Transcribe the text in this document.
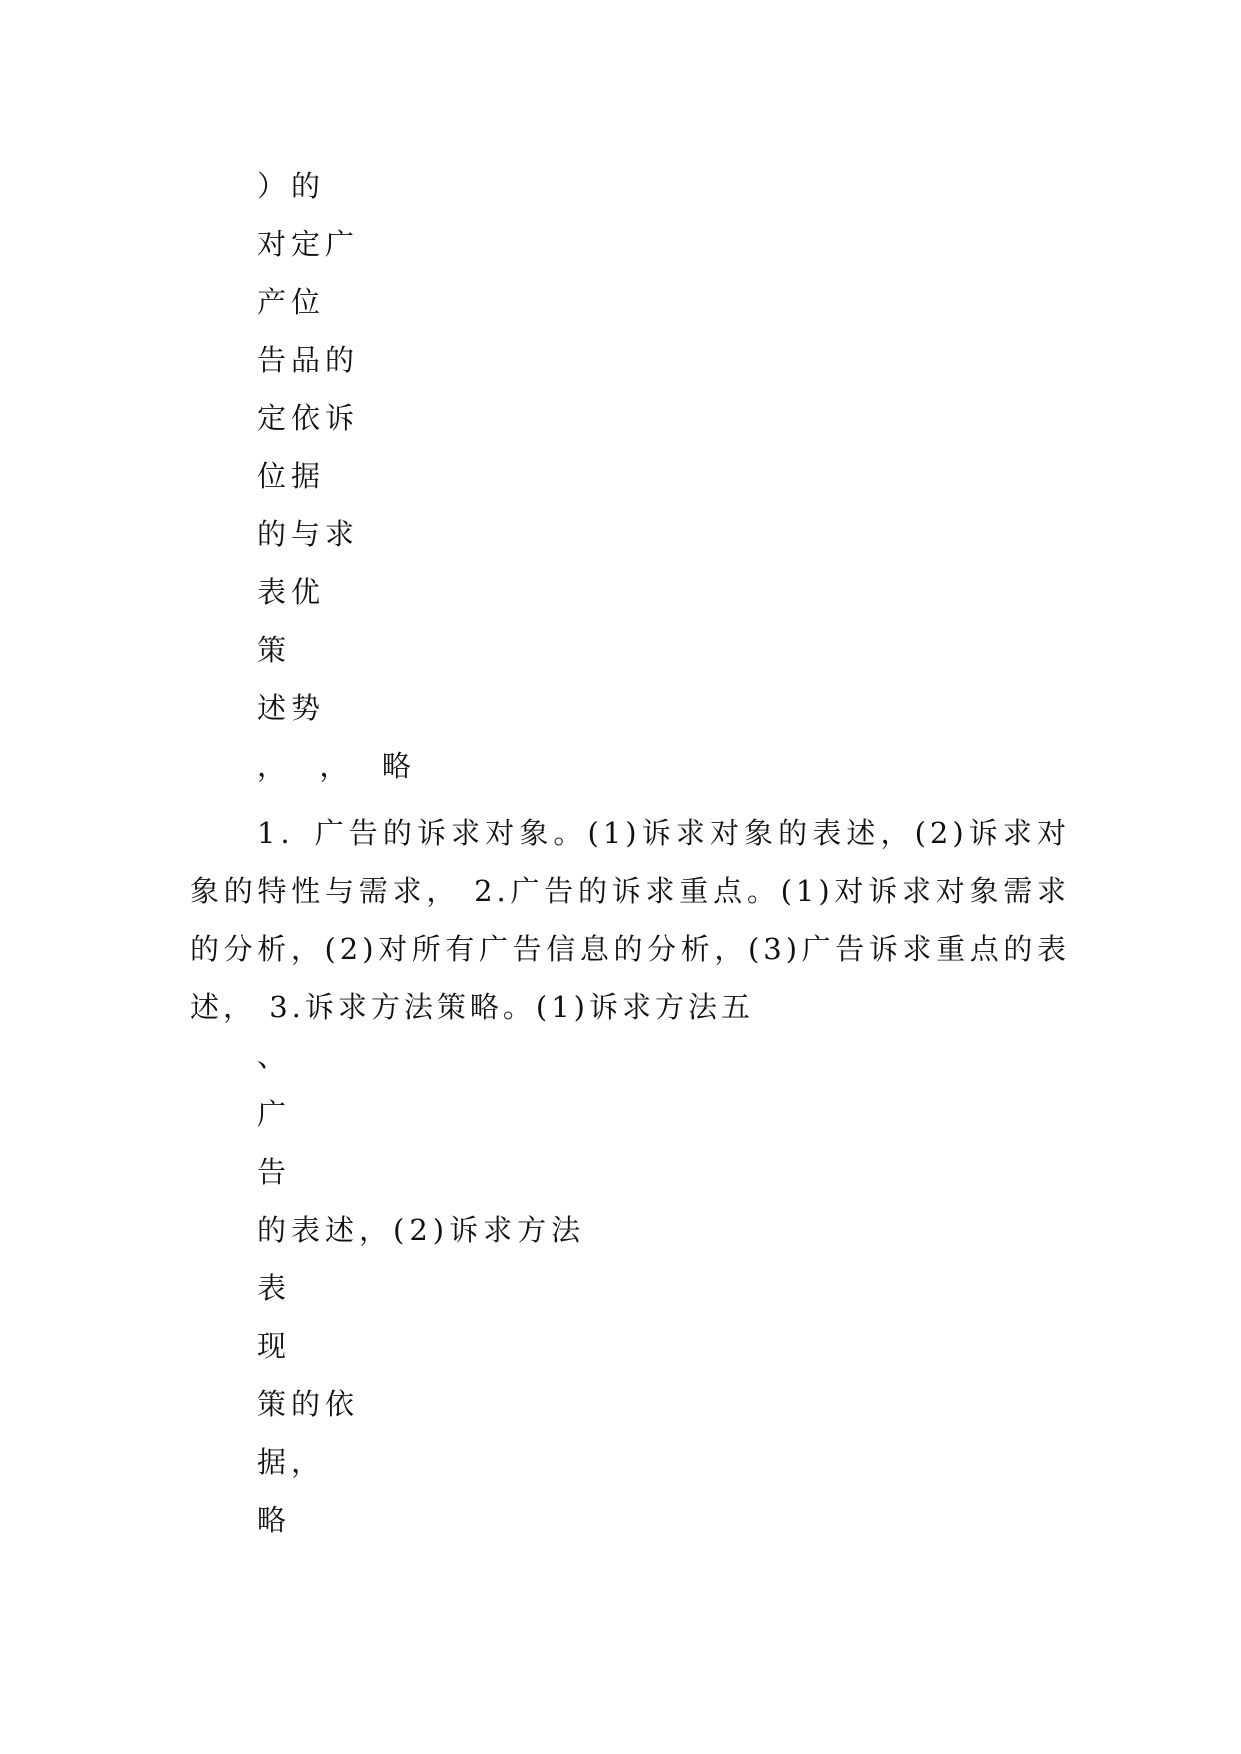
）的

对定广

产位

告品的

定依诉

位据

的与求

表优

策

述势

，  ，  略

1．广告的诉求对象。(1)诉求对象的表述，(2)诉求对象的特性与需求， 2.广告的诉求重点。(1)对诉求对象需求的分析，(2)对所有广告信息的分析，(3)广告诉求重点的表述， 3.诉求方法策略。(1)诉求方法五

、

广

告

的表述，(2)诉求方法

表

现

策的依

据，

略
